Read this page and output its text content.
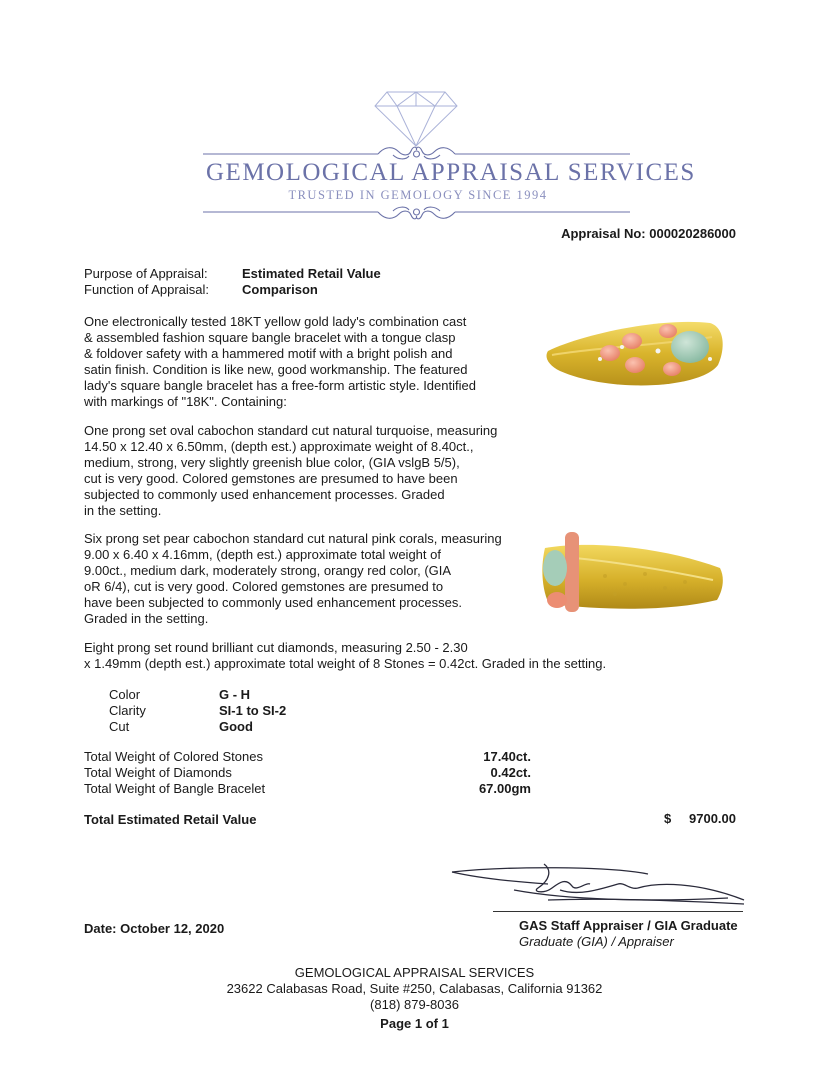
GEMOLOGICAL APPRAISAL SERVICES
TRUSTED IN GEMOLOGY SINCE 1994
Appraisal No: 000020286000
Purpose of Appraisal:	Estimated Retail Value
Function of Appraisal:	Comparison
One electronically tested 18KT yellow gold lady's combination cast
& assembled fashion square bangle bracelet with a tongue clasp
& foldover safety with a hammered motif with a bright polish and
satin finish. Condition is like new, good workmanship. The featured
lady's square bangle bracelet has a free-form artistic style. Identified
with markings of "18K". Containing:
One prong set oval cabochon standard cut natural turquoise, measuring
14.50 x 12.40 x 6.50mm, (depth est.) approximate weight of 8.40ct.,
medium, strong, very slightly greenish blue color, (GIA vslgB 5/5),
cut is very good. Colored gemstones are presumed to have been
subjected to commonly used enhancement processes. Graded
in the setting.
Six prong set pear cabochon standard cut natural pink corals, measuring
9.00 x 6.40 x 4.16mm, (depth est.) approximate total weight of
9.00ct., medium dark, moderately strong, orangy red color, (GIA
oR 6/4), cut is very good. Colored gemstones are presumed to
have been subjected to commonly used enhancement processes.
Graded in the setting.
Eight prong set round brilliant cut diamonds, measuring 2.50 - 2.30
x 1.49mm (depth est.) approximate total weight of 8 Stones = 0.42ct. Graded in the setting.
Color	G - H
Clarity	SI-1 to SI-2
Cut	Good
Total Weight of Colored Stones	17.40ct.
Total Weight of Diamonds	0.42ct.
Total Weight of Bangle Bracelet	67.00gm
Total Estimated Retail Value	$ 9700.00
Date: October 12, 2020	GAS Staff Appraiser / GIA Graduate
Graduate (GIA) / Appraiser
GEMOLOGICAL APPRAISAL SERVICES
23622 Calabasas Road, Suite #250, Calabasas, California 91362
(818) 879-8036
Page 1 of 1
